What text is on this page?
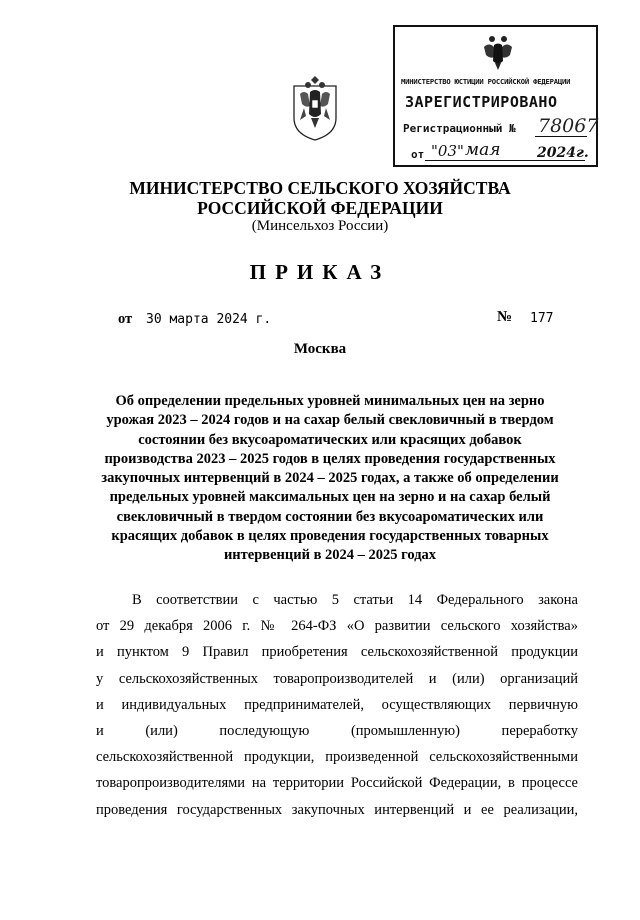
МИНИСТЕРСТВО ЮСТИЦИИ РОССИЙСКОЙ ФЕДЕРАЦИИ
ЗАРЕГИСТРИРОВАНО
Регистрационный № 78067
от "03" мая	2024г.
МИНИСТЕРСТВО СЕЛЬСКОГО ХОЗЯЙСТВА
РОССИЙСКОЙ ФЕДЕРАЦИИ
(Минсельхоз России)
ПРИКАЗ
от 30 марта 2024 г.	№ 177
Москва
Об определении предельных уровней минимальных цен на зерно
урожая 2023 – 2024 годов и на сахар белый свекловичный в твердом
состоянии без вкусоароматических или красящих добавок
производства 2023 – 2025 годов в целях проведения государственных
закупочных интервенций в 2024 – 2025 годах, а также об определении
предельных уровней максимальных цен на зерно и на сахар белый
свекловичный в твердом состоянии без вкусоароматических или
красящих добавок в целях проведения государственных товарных
интервенций в 2024 – 2025 годах
В соответствии с частью 5 статьи 14 Федерального закона
от 29 декабря 2006 г. № 264-ФЗ «О развитии сельского хозяйства»
и пунктом 9 Правил приобретения сельскохозяйственной продукции
у сельскохозяйственных товаропроизводителей и (или) организаций
и индивидуальных предпринимателей, осуществляющих первичную
и (или) последующую (промышленную) переработку
сельскохозяйственной продукции, произведенной сельскохозяйственными
товаропроизводителями на территории Российской Федерации, в процессе
проведения государственных закупочных интервенций и ее реализации,
